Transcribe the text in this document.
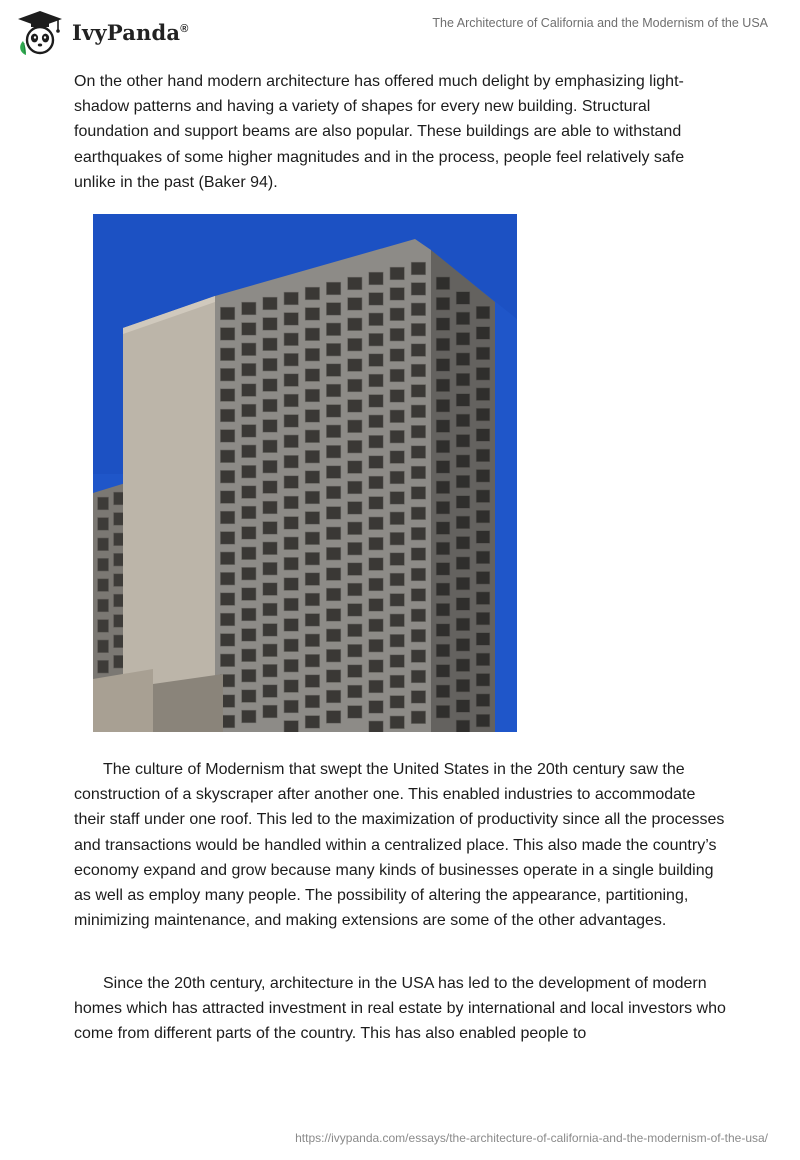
IvyPanda®	The Architecture of California and the Modernism of the USA

On the other hand modern architecture has offered much delight by emphasizing light-shadow patterns and having a variety of shapes for every new building. Structural foundation and support beams are also popular. These buildings are able to withstand earthquakes of some higher magnitudes and in the process, people feel relatively safe unlike in the past (Baker 94).

The culture of Modernism that swept the United States in the 20th century saw the construction of a skyscraper after another one. This enabled industries to accommodate their staff under one roof. This led to the maximization of productivity since all the processes and transactions would be handled within a centralized place. This also made the country’s economy expand and grow because many kinds of businesses operate in a single building as well as employ many people. The possibility of altering the appearance, partitioning, minimizing maintenance, and making extensions are some of the other advantages.

Since the 20th century, architecture in the USA has led to the development of modern homes which has attracted investment in real estate by international and local investors who come from different parts of the country. This has also enabled people to

https://ivypanda.com/essays/the-architecture-of-california-and-the-modernism-of-the-usa/
